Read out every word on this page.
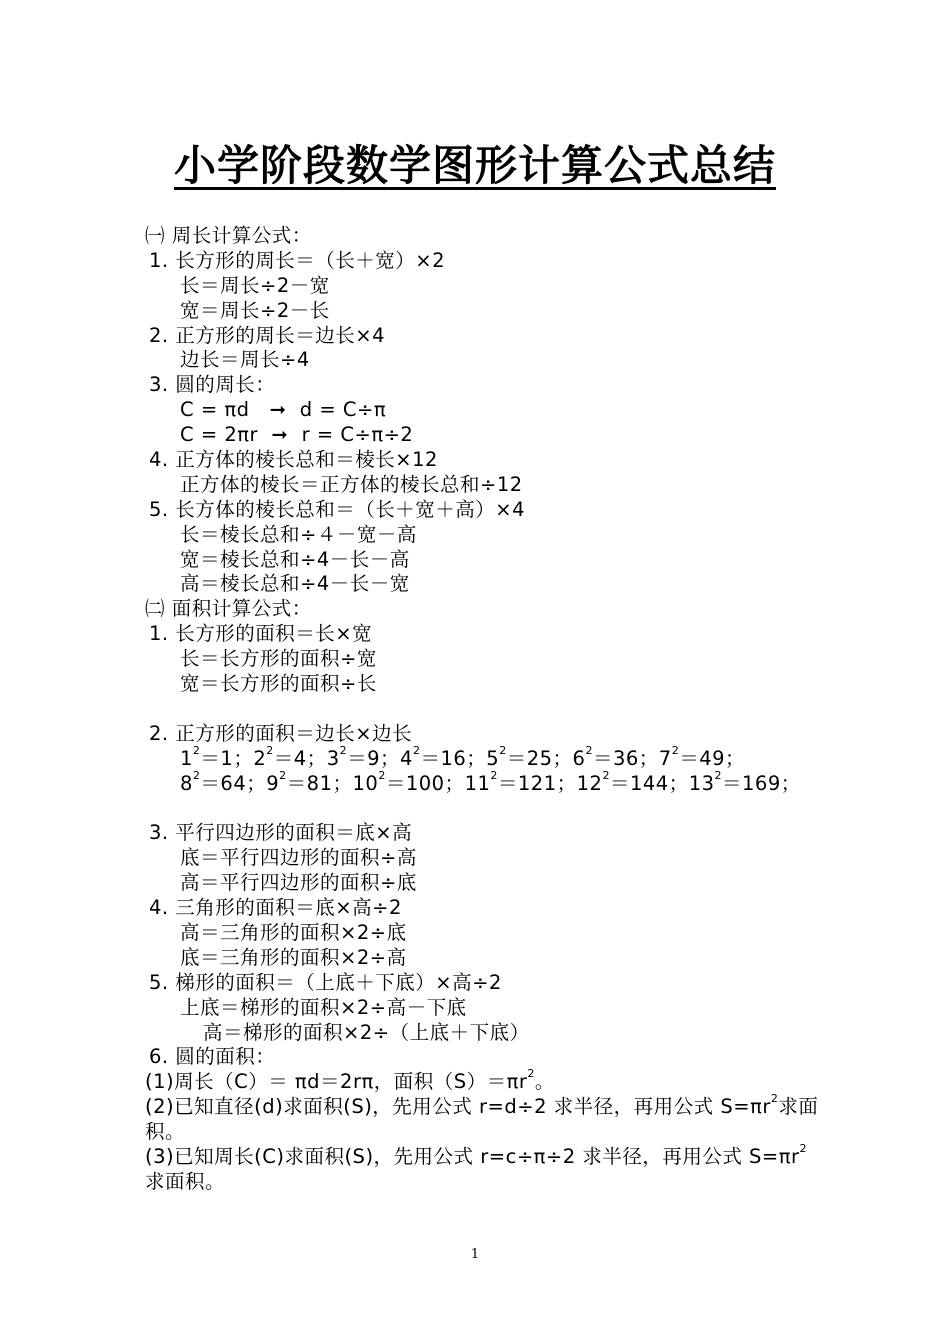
小学阶段数学图形计算公式总结
㈠ 周长计算公式：
1. 长方形的周长＝（长＋宽）×2
长＝周长÷2－宽
宽＝周长÷2－长
2. 正方形的周长＝边长×4
边长＝周长÷4
3. 圆的周长：
C = πd   ➞  d = C÷π
C = 2πr  ➞  r = C÷π÷2
4. 正方体的棱长总和＝棱长×12
正方体的棱长＝正方体的棱长总和÷12
5. 长方体的棱长总和＝（长＋宽＋高）×4
长＝棱长总和÷４－宽－高
宽＝棱长总和÷4－长－高
高＝棱长总和÷4－长－宽
㈡ 面积计算公式：
1. 长方形的面积＝长×宽
长＝长方形的面积÷宽
宽＝长方形的面积÷长
2. 正方形的面积＝边长×边长
$1^2=1$；$2^2=4$；$3^2=9$；$4^2=16$；$5^2=25$；$6^2=36$；$7^2=49$；
$8^2=64$；$9^2=81$；$10^2=100$；$11^2=121$；$12^2=144$；$13^2=169$；
3. 平行四边形的面积＝底×高
底＝平行四边形的面积÷高
高＝平行四边形的面积÷底
4. 三角形的面积＝底×高÷2
高＝三角形的面积×2÷底
底＝三角形的面积×2÷高
5. 梯形的面积＝（上底＋下底）×高÷2
上底＝梯形的面积×2÷高－下底
高＝梯形的面积×2÷（上底＋下底）
6. 圆的面积：
(1)周长（C）＝ πd＝2rπ，面积$(S)=\pi r^2$。
(2)已知直径(d)求面积(S)，先用公式 r=d÷2 求半径，再用公式 $S=\pi r^2$求面积。
(3)已知周长(C)求面积(S)，先用公式 r=c÷π÷2 求半径，再用公式 $S=\pi r^2$求面积。
1
